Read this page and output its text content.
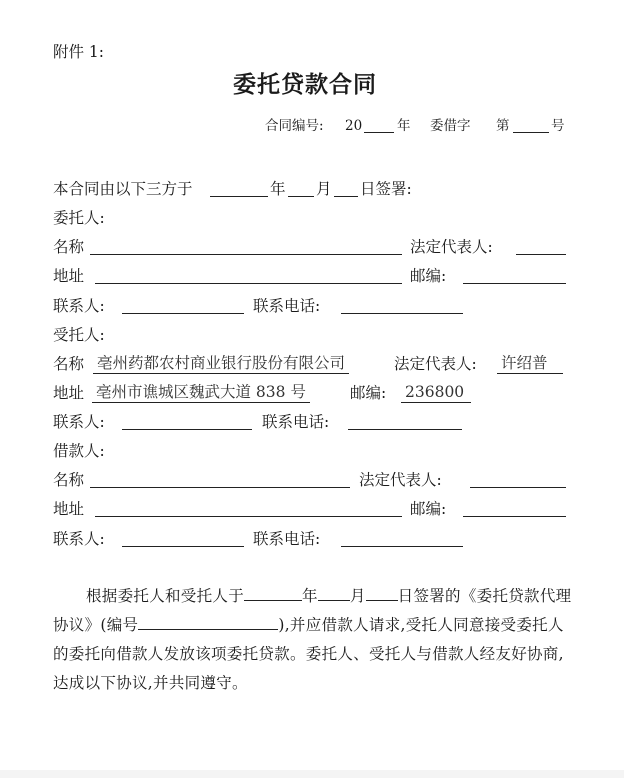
附件 1:
委托贷款合同
合同编号: 20	年 委借字 第	号
本合同由以下三方于	年 月 日签署:
委托人:
名称	法定代表人:
地址	邮编:
联系人:	联系电话:
受托人:
名称 亳州药都农村商业银行股份有限公司	法定代表人: 许绍普
地址 亳州市谯城区魏武大道 838 号	邮编: 236800
联系人:	联系电话:
借款人:
名称	法定代表人:
地址	邮编:
联系人:	联系电话:
根据委托人和受托人于	年 月 日签署的《委托贷款代理协议》(编号	),并应借款人请求,受托人同意接受委托人的委托向借款人发放该项委托贷款。委托人、受托人与借款人经友好协商,达成以下协议,并共同遵守。
